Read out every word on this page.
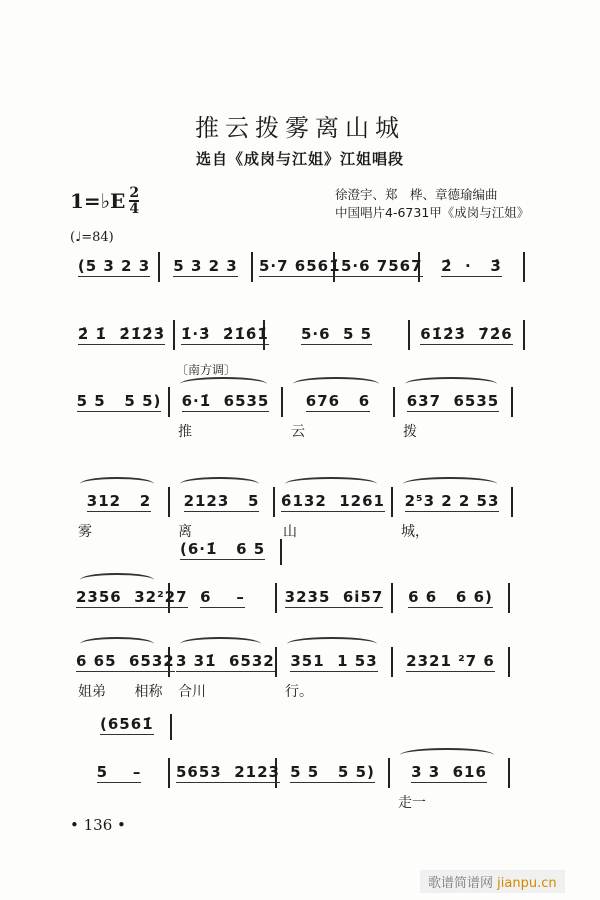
推云拨雾离山城
选自《成岗与江姐》江姐唱段
1=♭E $\frac{2}{4}$	徐澄宇、郑　桦、章德瑜编曲
中国唱片4-6731甲《成岗与江姐》
(♩=84)
(5 3 2 3 5 3 2 3 5·7 6561̇ 5·6 7567 2̇  ·   3̇
2̇ 1̇  2̇1̇2̇3̇ 1̇·3̇  2̇1̇6̇1̇ 5·6  5 5	61̇2̇3̇  7̇2̇6
5 5   5 5) 6·1̇  6535
推
〔南方调〕
676   6
云
637  6535
拨
312   2
雾
2123   5
离
6̇132  1261
山
2⁵3 2 2 53
城，
(6·1̇   6 5
2356  32²27 6    –	3235  6i57 6 6   6 6)
6 65  6532
姐弟 相称
3 31̇  6532
合川
351  1 53
行。
2321 ²7 6
(6561̇
5    – 5653  2123 5 5   5 5) 3 3  616
走一
• 136 •
歌谱简谱网 jianpu.cn
